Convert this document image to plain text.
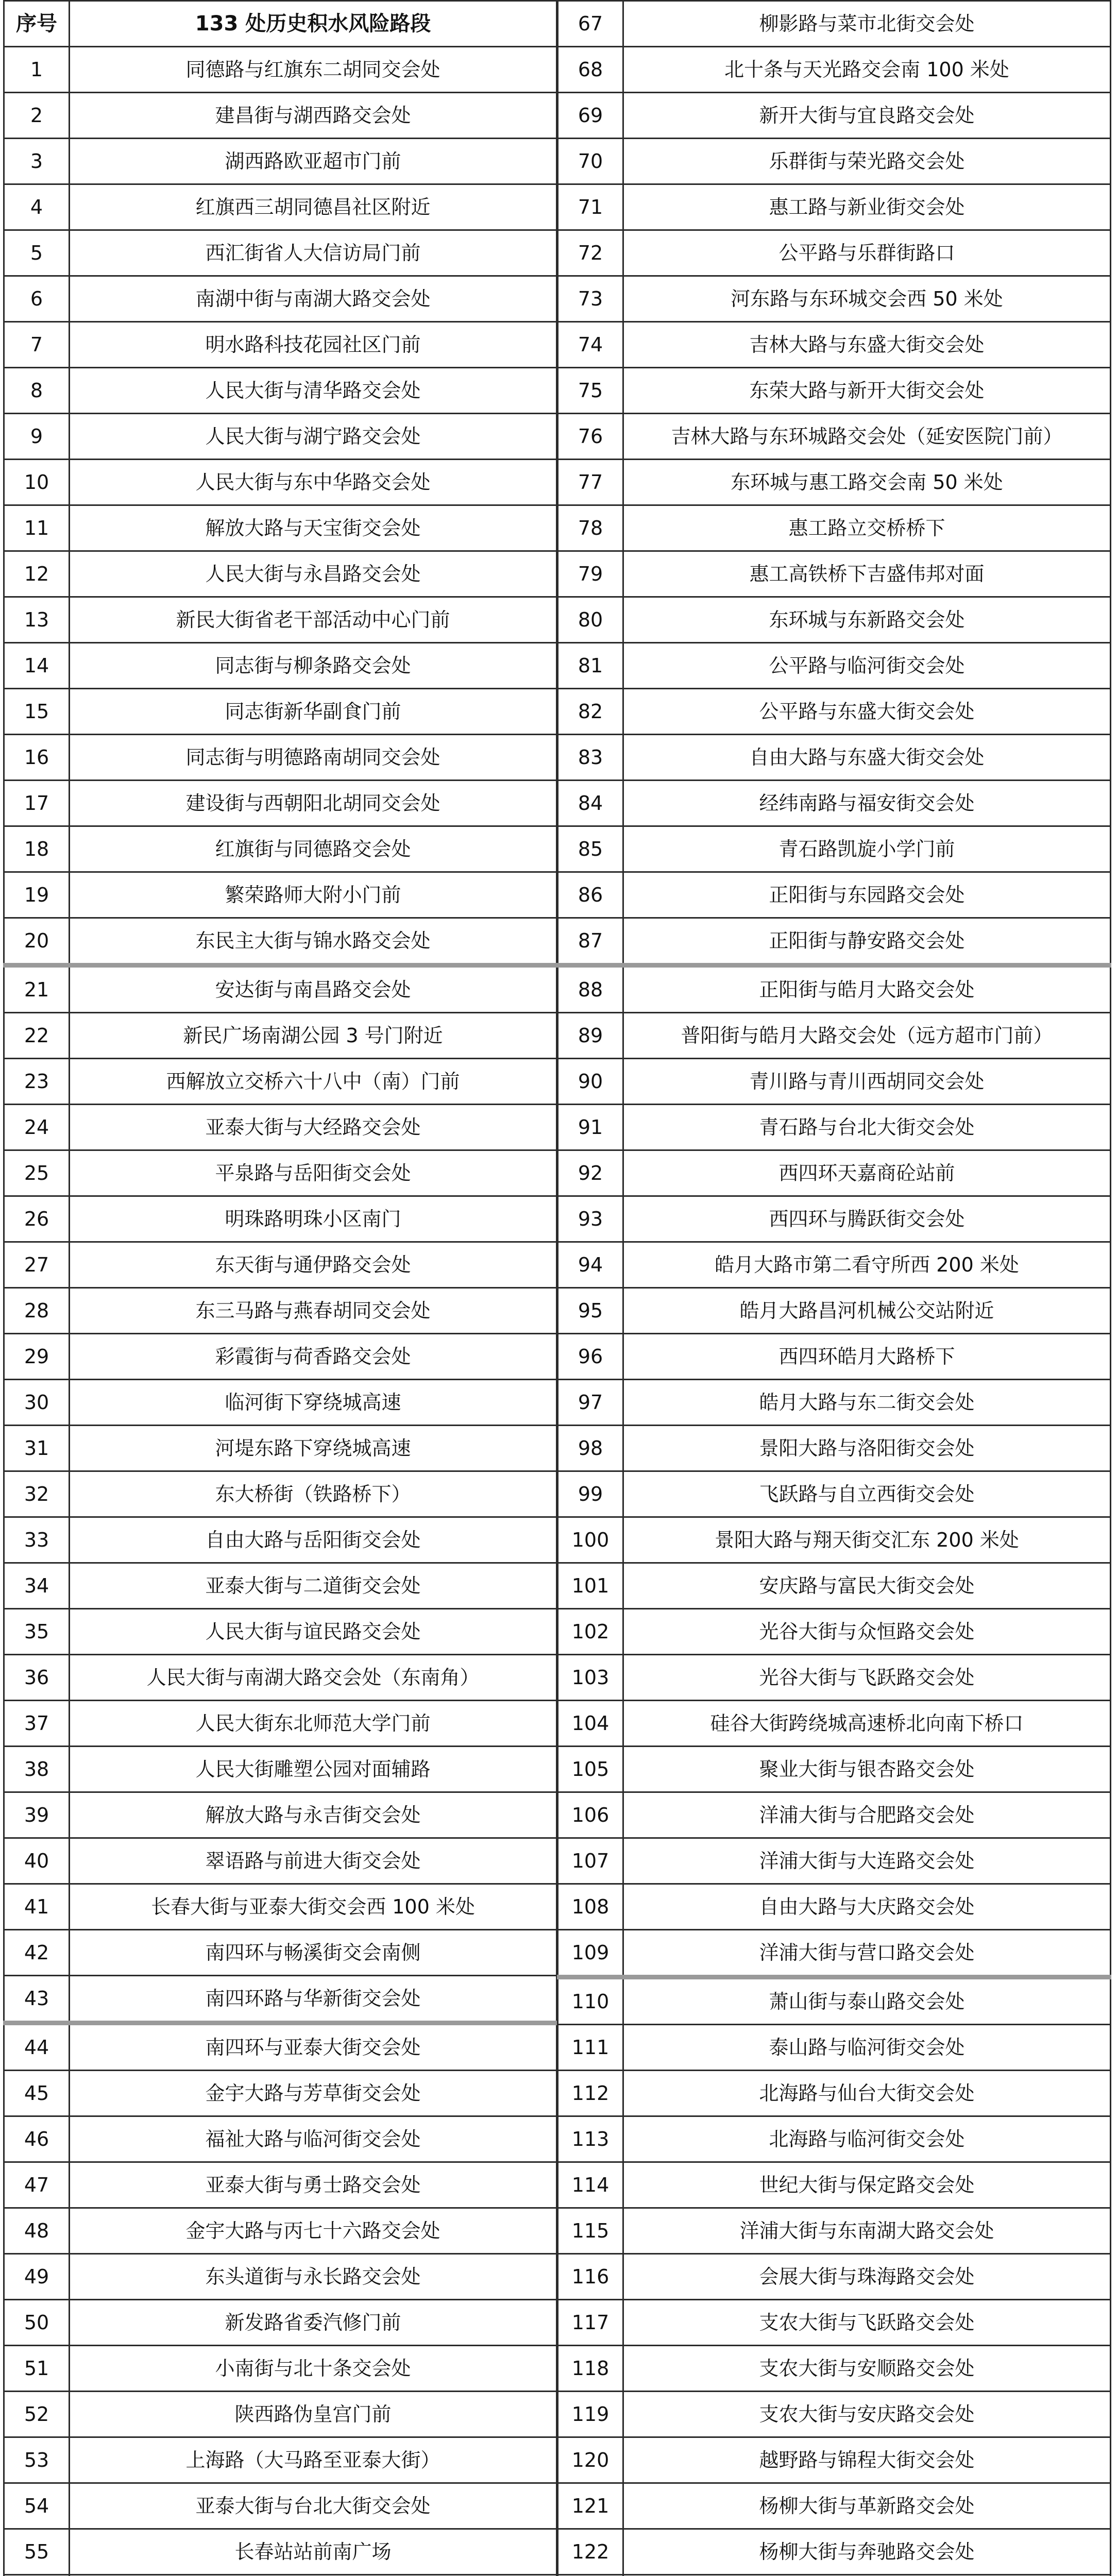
序号	133 处历史积水风险路段
1	同德路与红旗东二胡同交会处
2	建昌街与湖西路交会处
3	湖西路欧亚超市门前
4	红旗西三胡同德昌社区附近
5	西汇街省人大信访局门前
6	南湖中街与南湖大路交会处
7	明水路科技花园社区门前
8	人民大街与清华路交会处
9	人民大街与湖宁路交会处
10	人民大街与东中华路交会处
11	解放大路与天宝街交会处
12	人民大街与永昌路交会处
13	新民大街省老干部活动中心门前
14	同志街与柳条路交会处
15	同志街新华副食门前
16	同志街与明德路南胡同交会处
17	建设街与西朝阳北胡同交会处
18	红旗街与同德路交会处
19	繁荣路师大附小门前
20	东民主大街与锦水路交会处
21	安达街与南昌路交会处
22	新民广场南湖公园 3 号门附近
23	西解放立交桥六十八中（南）门前
24	亚泰大街与大经路交会处
25	平泉路与岳阳街交会处
26	明珠路明珠小区南门
27	东天街与通伊路交会处
28	东三马路与燕春胡同交会处
29	彩霞街与荷香路交会处
30	临河街下穿绕城高速
31	河堤东路下穿绕城高速
32	东大桥街（铁路桥下）
33	自由大路与岳阳街交会处
34	亚泰大街与二道街交会处
35	人民大街与谊民路交会处
36	人民大街与南湖大路交会处（东南角）
37	人民大街东北师范大学门前
38	人民大街雕塑公园对面辅路
39	解放大路与永吉街交会处
40	翠语路与前进大街交会处
41	长春大街与亚泰大街交会西 100 米处
42	南四环与畅溪街交会南侧
43	南四环路与华新街交会处
44	南四环与亚泰大街交会处
45	金宇大路与芳草街交会处
46	福祉大路与临河街交会处
47	亚泰大街与勇士路交会处
48	金宇大路与丙七十六路交会处
49	东头道街与永长路交会处
50	新发路省委汽修门前
51	小南街与北十条交会处
52	陕西路伪皇宫门前
53	上海路（大马路至亚泰大街）
54	亚泰大街与台北大街交会处
55	长春站站前南广场

67	柳影路与菜市北街交会处
68	北十条与天光路交会南 100 米处
69	新开大街与宜良路交会处
70	乐群街与荣光路交会处
71	惠工路与新业街交会处
72	公平路与乐群街路口
73	河东路与东环城交会西 50 米处
74	吉林大路与东盛大街交会处
75	东荣大路与新开大街交会处
76	吉林大路与东环城路交会处（延安医院门前）
77	东环城与惠工路交会南 50 米处
78	惠工路立交桥桥下
79	惠工高铁桥下吉盛伟邦对面
80	东环城与东新路交会处
81	公平路与临河街交会处
82	公平路与东盛大街交会处
83	自由大路与东盛大街交会处
84	经纬南路与福安街交会处
85	青石路凯旋小学门前
86	正阳街与东园路交会处
87	正阳街与静安路交会处
88	正阳街与皓月大路交会处
89	普阳街与皓月大路交会处（远方超市门前）
90	青川路与青川西胡同交会处
91	青石路与台北大街交会处
92	西四环天嘉商砼站前
93	西四环与腾跃街交会处
94	皓月大路市第二看守所西 200 米处
95	皓月大路昌河机械公交站附近
96	西四环皓月大路桥下
97	皓月大路与东二街交会处
98	景阳大路与洛阳街交会处
99	飞跃路与自立西街交会处
100	景阳大路与翔天街交汇东 200 米处
101	安庆路与富民大街交会处
102	光谷大街与众恒路交会处
103	光谷大街与飞跃路交会处
104	硅谷大街跨绕城高速桥北向南下桥口
105	聚业大街与银杏路交会处
106	洋浦大街与合肥路交会处
107	洋浦大街与大连路交会处
108	自由大路与大庆路交会处
109	洋浦大街与营口路交会处
110	萧山街与泰山路交会处
111	泰山路与临河街交会处
112	北海路与仙台大街交会处
113	北海路与临河街交会处
114	世纪大街与保定路交会处
115	洋浦大街与东南湖大路交会处
116	会展大街与珠海路交会处
117	支农大街与飞跃路交会处
118	支农大街与安顺路交会处
119	支农大街与安庆路交会处
120	越野路与锦程大街交会处
121	杨柳大街与革新路交会处
122	杨柳大街与奔驰路交会处
